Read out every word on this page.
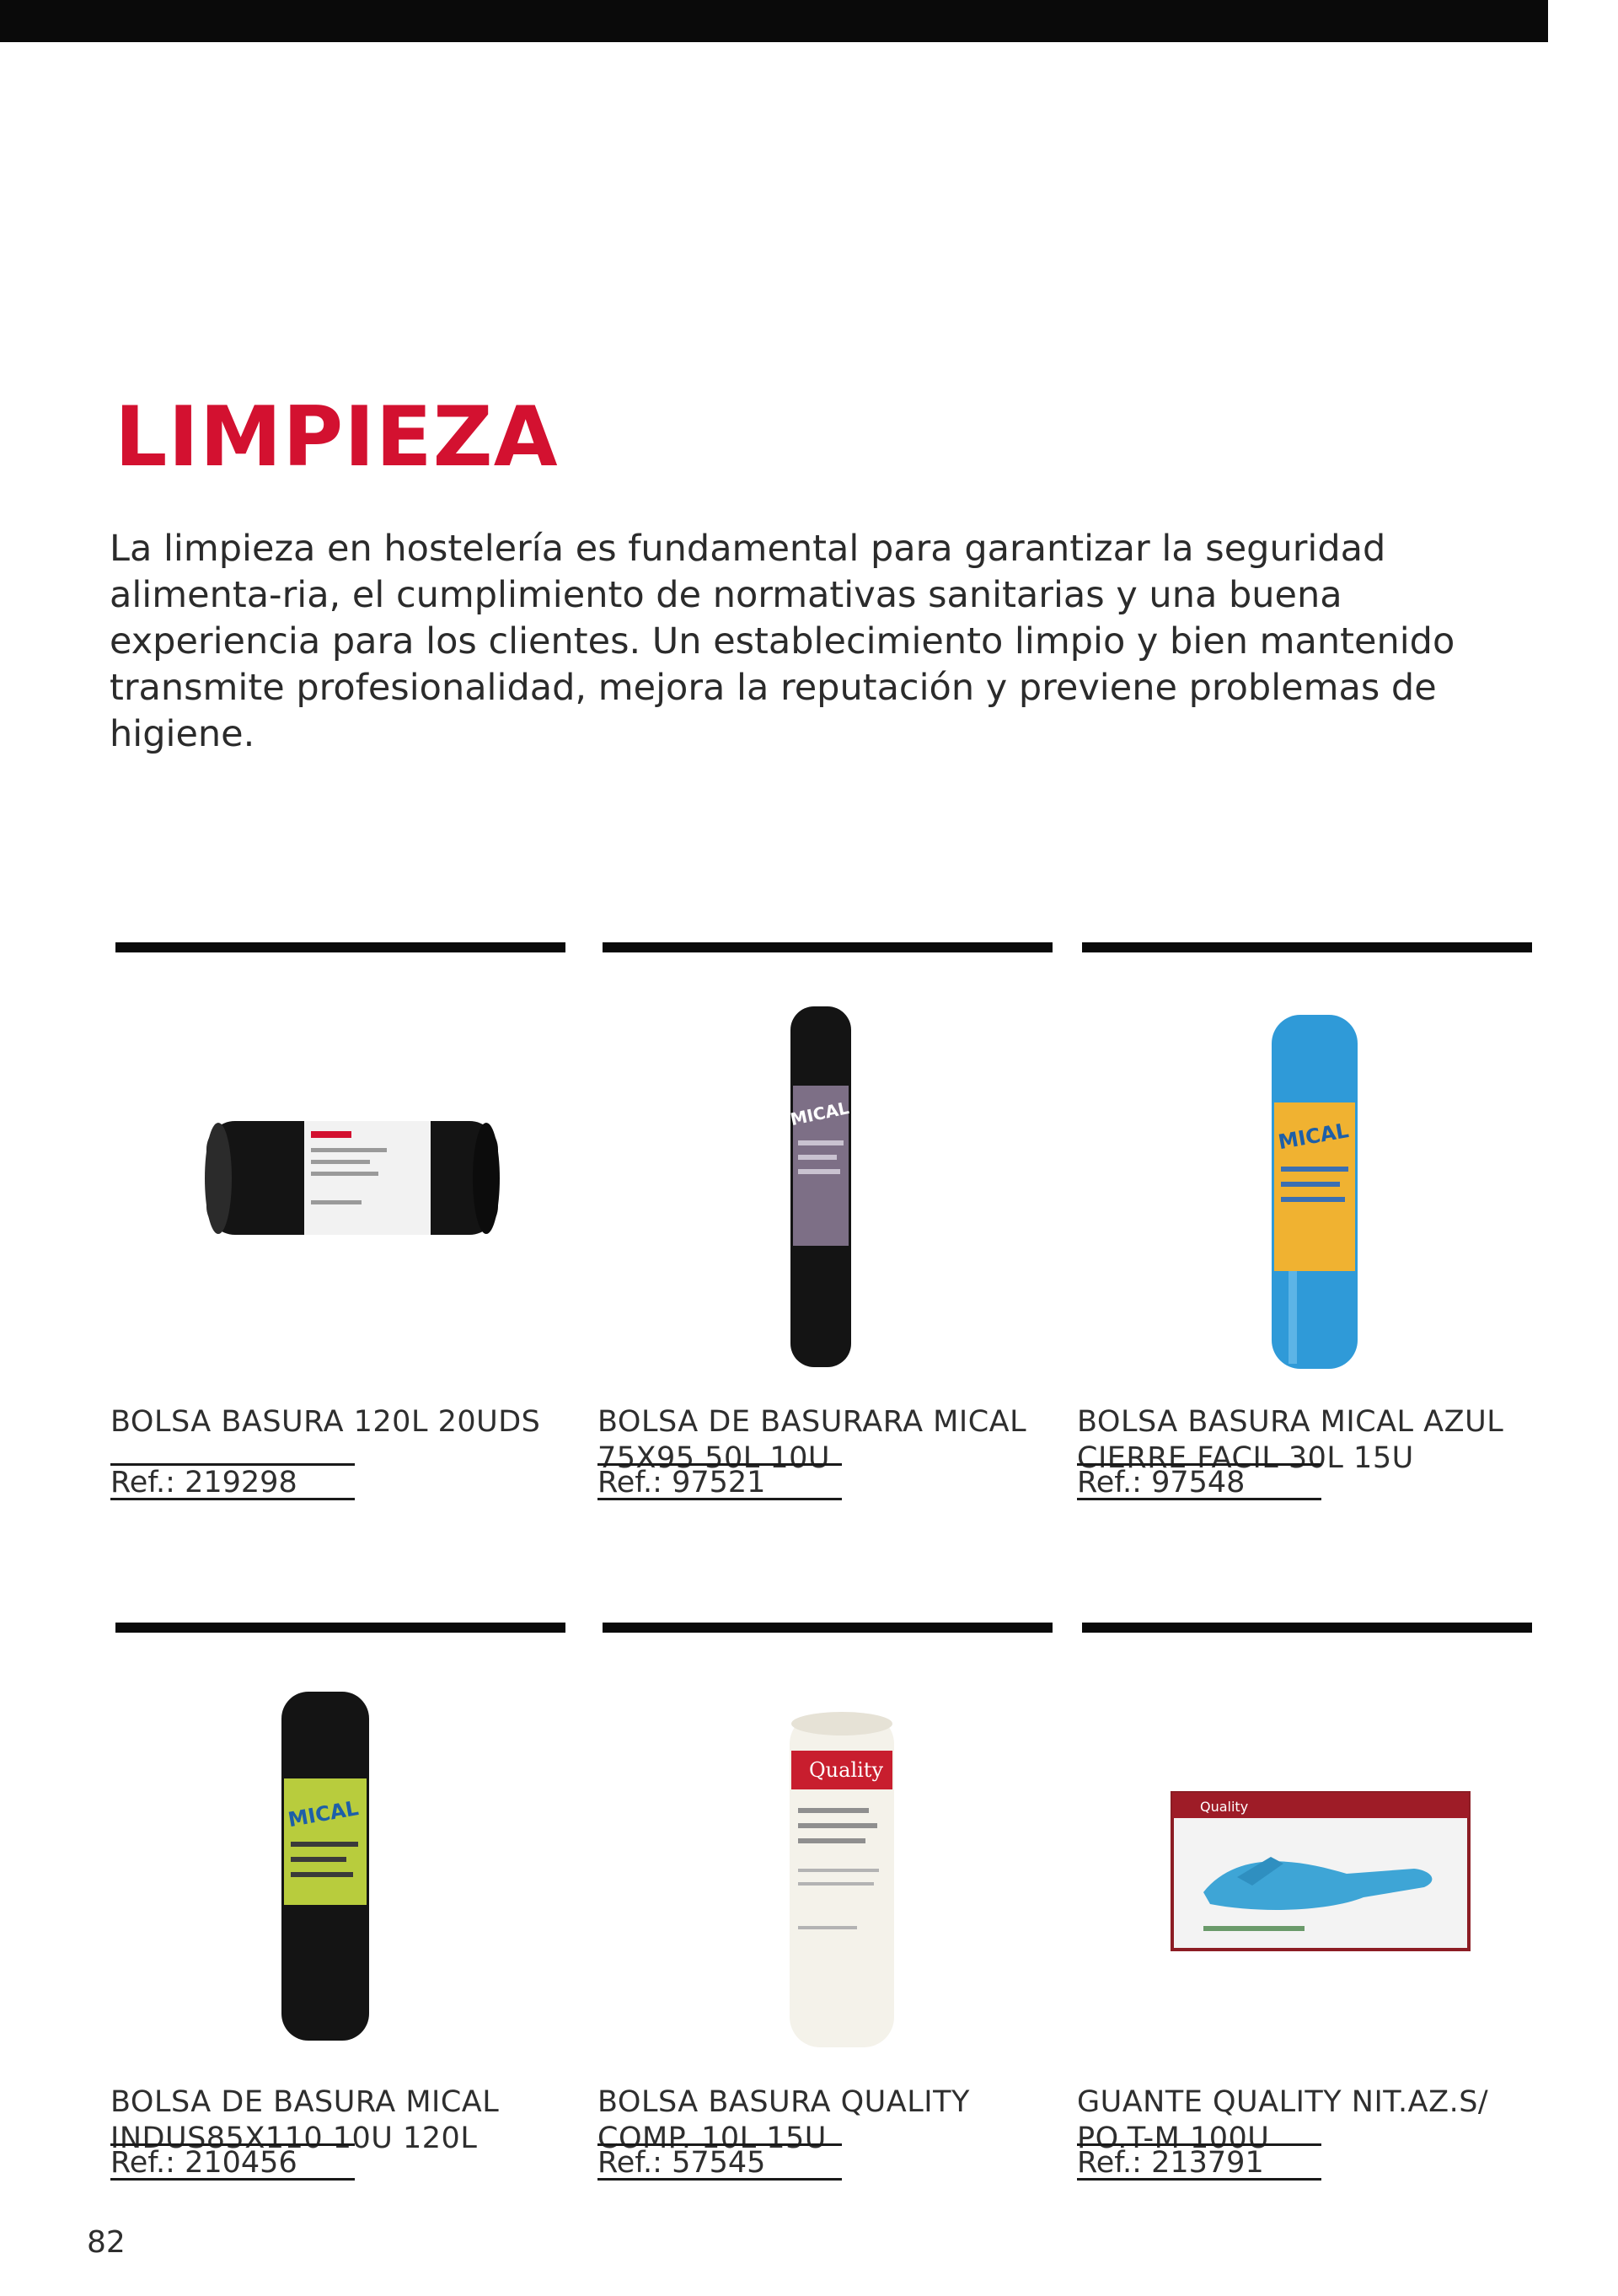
LIMPIEZA

La limpieza en hostelería es fundamental para garantizar la seguridad alimenta-ria, el cumplimiento de normativas sanitarias y una buena experiencia para los clientes. Un establecimiento limpio y bien mantenido transmite profesionalidad, mejora la reputación y previene problemas de higiene.

BOLSA BASURA 120L 20UDS

Ref.: 219298
MICAL

BOLSA DE BASURARA MICAL 75X95 50L 10U

Ref.: 97521
MICAL

BOLSA BASURA MICAL AZUL CIERRE FACIL 30L 15U

Ref.: 97548
MICAL

BOLSA DE BASURA MICAL INDUS85X110 10U 120L

Ref.: 210456
Quality

BOLSA BASURA QUALITY COMP. 10L 15U

Ref.: 57545
Quality

GUANTE QUALITY NIT.AZ.S/ PO.T-M 100U

Ref.: 213791
82
